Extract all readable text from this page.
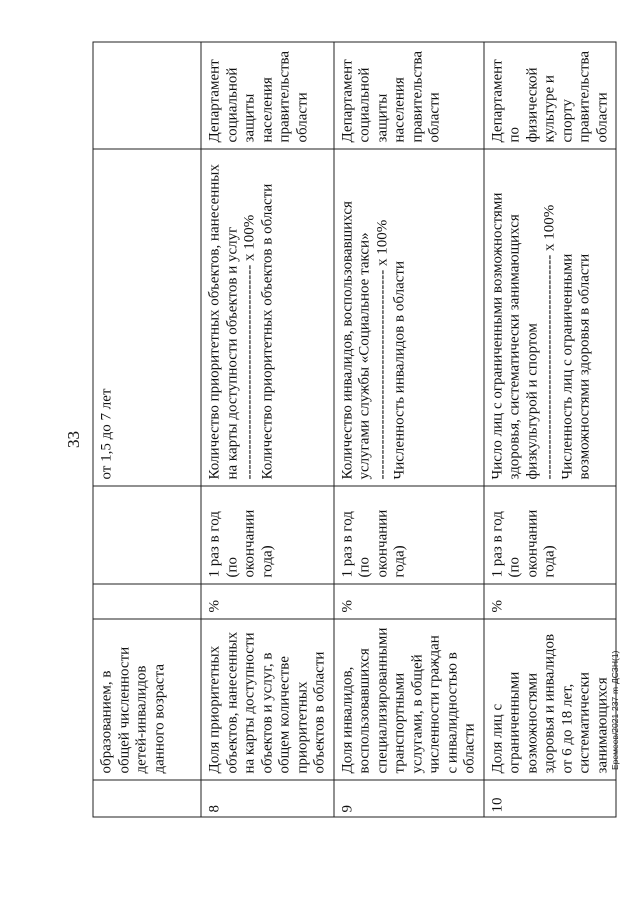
33
	образованием, в общей численности детей-инвалидов данного возраста			от 1,5 до 7 лет	
8	Доля приоритетных объектов, нанесенных на карты доступности объектов и услуг, в общем количестве приоритетных объектов в области	%	1 раз в год (по окончании года)	Количество приоритетных объектов, нанесенных на карты доступности объектов и услуг ------------------------------------------- х 100% Количество приоритетных объектов в области	Департамент социальной защиты населения правительства области
9	Доля инвалидов, воспользовавшихся специализированными транспортными услугами, в общей численности граждан с инвалидностью в области	%	1 раз в год (по окончании года)	Количество инвалидов, воспользовавшихся услугами службы «Социальное такси» ------------------------------------------ х 100% Численность инвалидов в области	Департамент социальной защиты населения правительства области
10	Доля лиц с ограниченными возможностями здоровья и инвалидов от 6 до 18 лет, систематически занимающихся	%	1 раз в год (по окончании года)	Число лиц с ограниченными возможностями здоровья, систематически занимающихся физкультурой и спортом --------------------------------------------- х 100% Численность лиц с ограниченными возможностями здоровья в области	Департамент по физической культуре и спорту правительства области
Еремеев/2021-237-m-ДСЗН(1)
